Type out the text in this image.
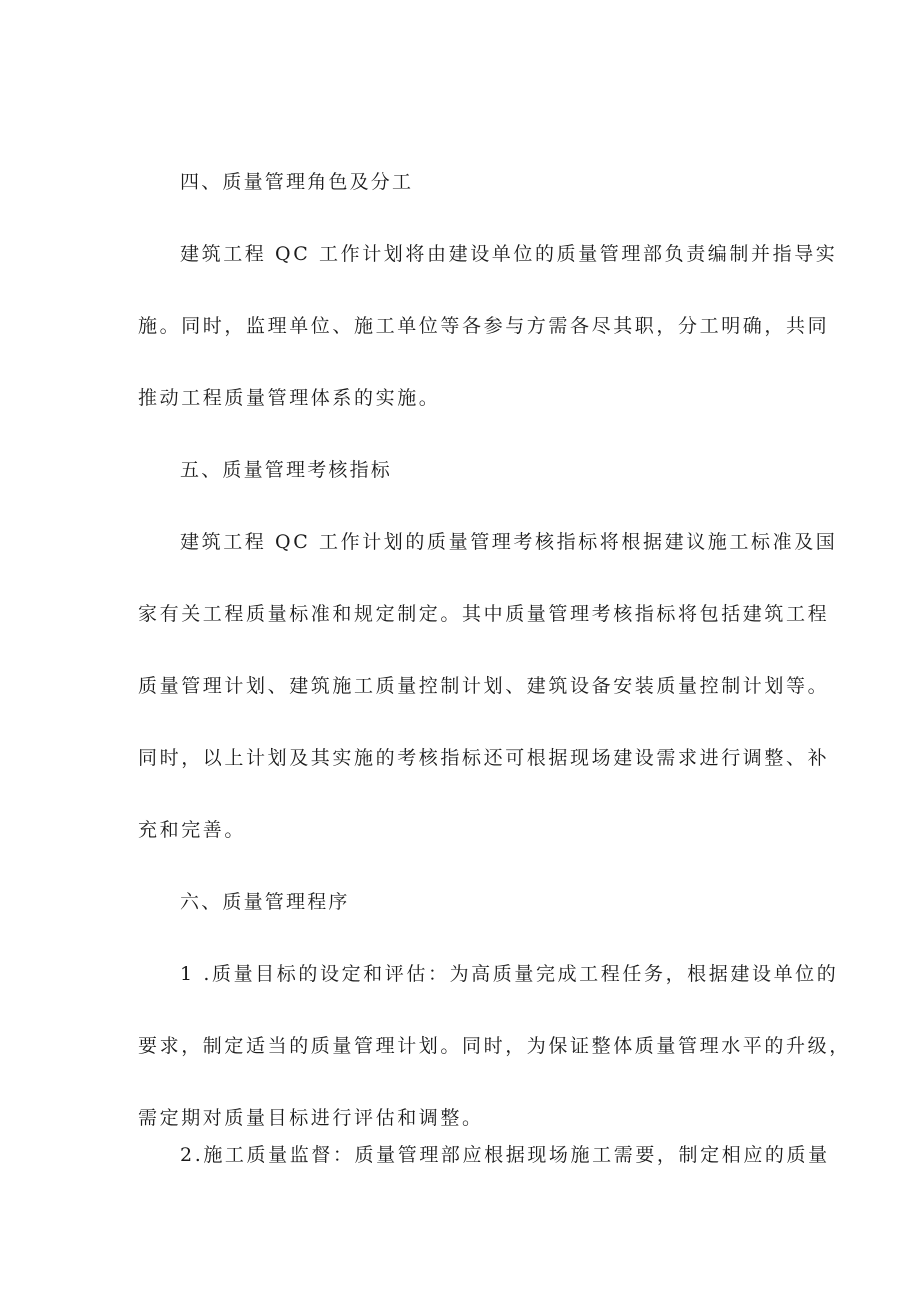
四、质量管理角色及分工
建筑工程 QC 工作计划将由建设单位的质量管理部负责编制并指导实
施。同时，监理单位、施工单位等各参与方需各尽其职，分工明确，共同
推动工程质量管理体系的实施。
五、质量管理考核指标
建筑工程 QC 工作计划的质量管理考核指标将根据建议施工标准及国
家有关工程质量标准和规定制定。其中质量管理考核指标将包括建筑工程
质量管理计划、建筑施工质量控制计划、建筑设备安装质量控制计划等。
同时，以上计划及其实施的考核指标还可根据现场建设需求进行调整、补
充和完善。
六、质量管理程序
1 .质量目标的设定和评估：为高质量完成工程任务，根据建设单位的
要求，制定适当的质量管理计划。同时，为保证整体质量管理水平的升级，
需定期对质量目标进行评估和调整。
2.施工质量监督：质量管理部应根据现场施工需要，制定相应的质量
